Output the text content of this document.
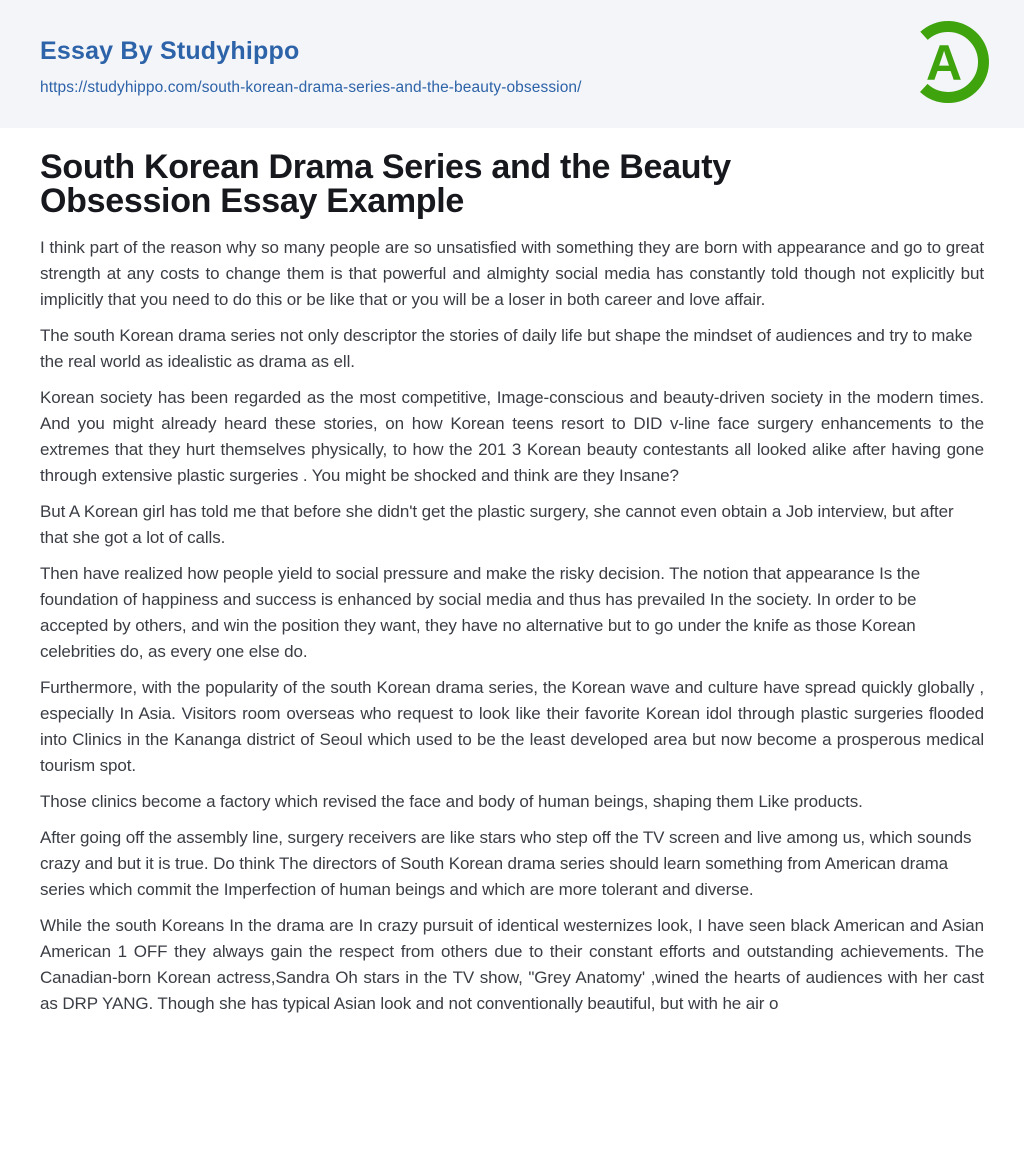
Essay By Studyhippo
https://studyhippo.com/south-korean-drama-series-and-the-beauty-obsession/	A
South Korean Drama Series and the Beauty Obsession Essay Example

I think part of the reason why so many people are so unsatisfied with something they are born with appearance and go to great strength at any costs to change them is that powerful and almighty social media has constantly told though not explicitly but implicitly that you need to do this or be like that or you will be a loser in both career and love affair.

The south Korean drama series not only descriptor the stories of daily life but shape the mindset of audiences and try to make the real world as idealistic as drama as ell.

Korean society has been regarded as the most competitive, Image-conscious and beauty-driven society in the modern times. And you might already heard these stories, on how Korean teens resort to DID v-line face surgery enhancements to the extremes that they hurt themselves physically, to how the 201 3 Korean beauty contestants all looked alike after having gone through extensive plastic surgeries . You might be shocked and think are they Insane?

But A Korean girl has told me that before she didn't get the plastic surgery, she cannot even obtain a Job interview, but after that she got a lot of calls.

Then have realized how people yield to social pressure and make the risky decision. The notion that appearance Is the foundation of happiness and success is enhanced by social media and thus has prevailed In the society. In order to be accepted by others, and win the position they want, they have no alternative but to go under the knife as those Korean celebrities do, as every one else do.

Furthermore, with the popularity of the south Korean drama series, the Korean wave and culture have spread quickly globally , especially In Asia. Visitors room overseas who request to look like their favorite Korean idol through plastic surgeries flooded into Clinics in the Kananga district of Seoul which used to be the least developed area but now become a prosperous medical tourism spot.

Those clinics become a factory which revised the face and body of human beings, shaping them Like products.

After going off the assembly line, surgery receivers are like stars who step off the TV screen and live among us, which sounds crazy and but it is true. Do think The directors of South Korean drama series should learn something from American drama series which commit the Imperfection of human beings and which are more tolerant and diverse.

While the south Koreans In the drama are In crazy pursuit of identical westernizes look, I have seen black American and Asian American 1 OFF they always gain the respect from others due to their constant efforts and outstanding achievements. The Canadian-born Korean actress,Sandra Oh stars in the TV show, "Grey Anatomy' ,wined the hearts of audiences with her cast as DRP YANG. Though she has typical Asian look and not conventionally beautiful, but with he air o
